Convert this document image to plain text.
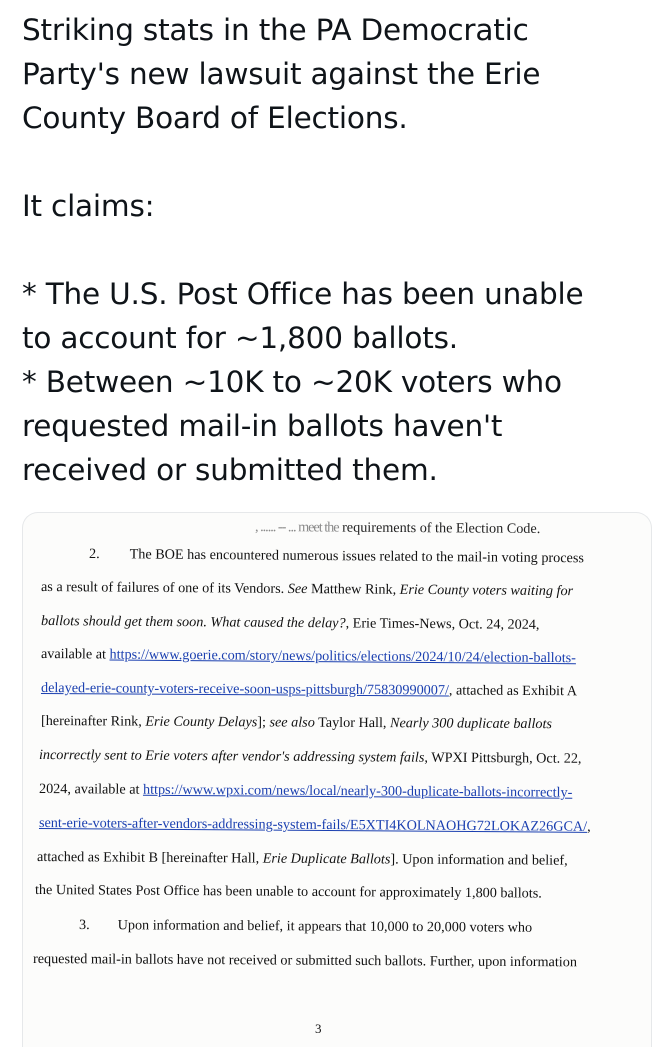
Striking stats in the PA Democratic

Party's new lawsuit against the Erie

County Board of Elections.

It claims:

* The U.S. Post Office has been unable

to account for ~1,800 ballots.

* Between ~10K to ~20K voters who

requested mail-in ballots haven't

received or submitted them.

, ...... -- ... meet the requirements of the Election Code.
2. The BOE has encountered numerous issues related to the mail-in voting process
as a result of failures of one of its Vendors. See Matthew Rink, Erie County voters waiting for
ballots should get them soon. What caused the delay?, Erie Times-News, Oct. 24, 2024,
available at https://www.goerie.com/story/news/politics/elections/2024/10/24/election-ballots-
delayed-erie-county-voters-receive-soon-usps-pittsburgh/75830990007/, attached as Exhibit A
[hereinafter Rink, Erie County Delays]; see also Taylor Hall, Nearly 300 duplicate ballots
incorrectly sent to Erie voters after vendor's addressing system fails, WPXI Pittsburgh, Oct. 22,
2024, available at https://www.wpxi.com/news/local/nearly-300-duplicate-ballots-incorrectly-
sent-erie-voters-after-vendors-addressing-system-fails/E5XTI4KOLNAOHG72LOKAZ26GCA/,
attached as Exhibit B [hereinafter Hall, Erie Duplicate Ballots]. Upon information and belief,
the United States Post Office has been unable to account for approximately 1,800 ballots.
3. Upon information and belief, it appears that 10,000 to 20,000 voters who
requested mail-in ballots have not received or submitted such ballots. Further, upon information
3
